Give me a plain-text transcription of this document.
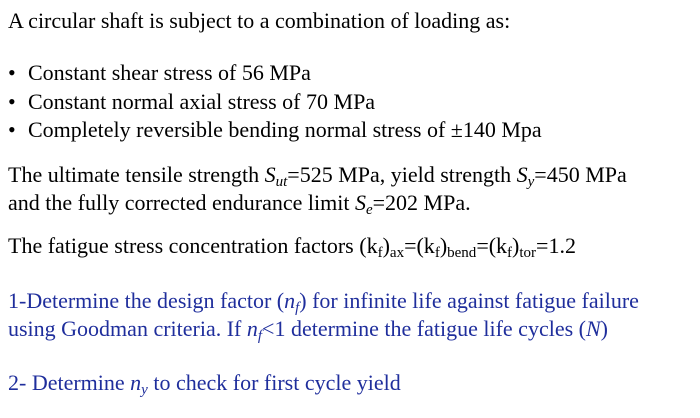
A circular shaft is subject to a combination of loading as:
• Constant shear stress of 56 MPa
• Constant normal axial stress of 70 MPa
• Completely reversible bending normal stress of ±140 Mpa
The ultimate tensile strength $S_{ut}=525$ MPa, yield strength $S_y=450$ MPa
and the fully corrected endurance limit $S_e=202$ MPa.
The fatigue stress concentration factors $(k_f)_{ax}=(k_f)_{bend}=(k_f)_{tor}=1.2$
1-Determine the design factor $(n_f)$ for infinite life against fatigue failure
using Goodman criteria. If $n_f<1$ determine the fatigue life cycles (N)
2- Determine $n_y$ to check for first cycle yield
